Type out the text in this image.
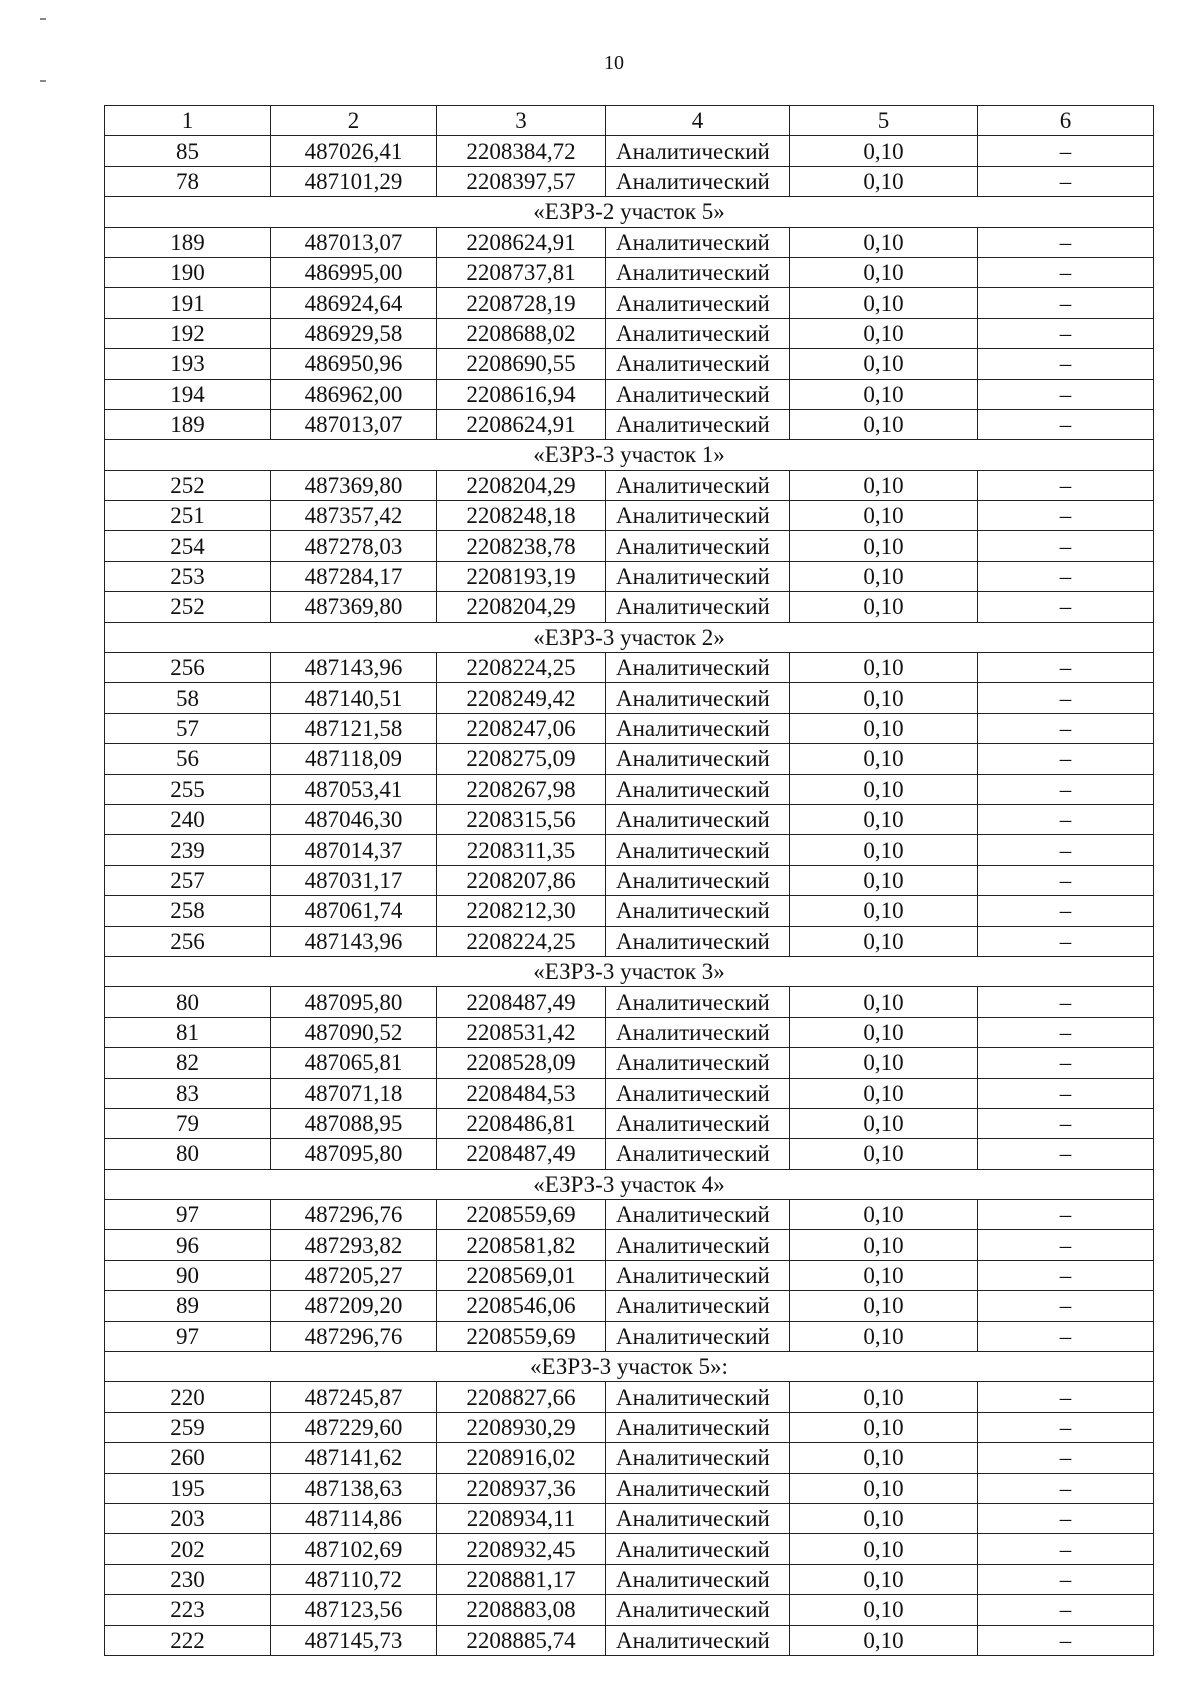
10
1	2	3	4	5	6
85	487026,41	2208384,72	Аналитический	0,10	–
78	487101,29	2208397,57	Аналитический	0,10	–
«ЕЗРЗ-2 участок 5»					
189	487013,07	2208624,91	Аналитический	0,10	–
190	486995,00	2208737,81	Аналитический	0,10	–
191	486924,64	2208728,19	Аналитический	0,10	–
192	486929,58	2208688,02	Аналитический	0,10	–
193	486950,96	2208690,55	Аналитический	0,10	–
194	486962,00	2208616,94	Аналитический	0,10	–
189	487013,07	2208624,91	Аналитический	0,10	–
«ЕЗРЗ-3 участок 1»					
252	487369,80	2208204,29	Аналитический	0,10	–
251	487357,42	2208248,18	Аналитический	0,10	–
254	487278,03	2208238,78	Аналитический	0,10	–
253	487284,17	2208193,19	Аналитический	0,10	–
252	487369,80	2208204,29	Аналитический	0,10	–
«ЕЗРЗ-3 участок 2»					
256	487143,96	2208224,25	Аналитический	0,10	–
58	487140,51	2208249,42	Аналитический	0,10	–
57	487121,58	2208247,06	Аналитический	0,10	–
56	487118,09	2208275,09	Аналитический	0,10	–
255	487053,41	2208267,98	Аналитический	0,10	–
240	487046,30	2208315,56	Аналитический	0,10	–
239	487014,37	2208311,35	Аналитический	0,10	–
257	487031,17	2208207,86	Аналитический	0,10	–
258	487061,74	2208212,30	Аналитический	0,10	–
256	487143,96	2208224,25	Аналитический	0,10	–
«ЕЗРЗ-3 участок 3»					
80	487095,80	2208487,49	Аналитический	0,10	–
81	487090,52	2208531,42	Аналитический	0,10	–
82	487065,81	2208528,09	Аналитический	0,10	–
83	487071,18	2208484,53	Аналитический	0,10	–
79	487088,95	2208486,81	Аналитический	0,10	–
80	487095,80	2208487,49	Аналитический	0,10	–
«ЕЗРЗ-3 участок 4»					
97	487296,76	2208559,69	Аналитический	0,10	–
96	487293,82	2208581,82	Аналитический	0,10	–
90	487205,27	2208569,01	Аналитический	0,10	–
89	487209,20	2208546,06	Аналитический	0,10	–
97	487296,76	2208559,69	Аналитический	0,10	–
«ЕЗРЗ-3 участок 5»:					
220	487245,87	2208827,66	Аналитический	0,10	–
259	487229,60	2208930,29	Аналитический	0,10	–
260	487141,62	2208916,02	Аналитический	0,10	–
195	487138,63	2208937,36	Аналитический	0,10	–
203	487114,86	2208934,11	Аналитический	0,10	–
202	487102,69	2208932,45	Аналитический	0,10	–
230	487110,72	2208881,17	Аналитический	0,10	–
223	487123,56	2208883,08	Аналитический	0,10	–
222	487145,73	2208885,74	Аналитический	0,10	–
